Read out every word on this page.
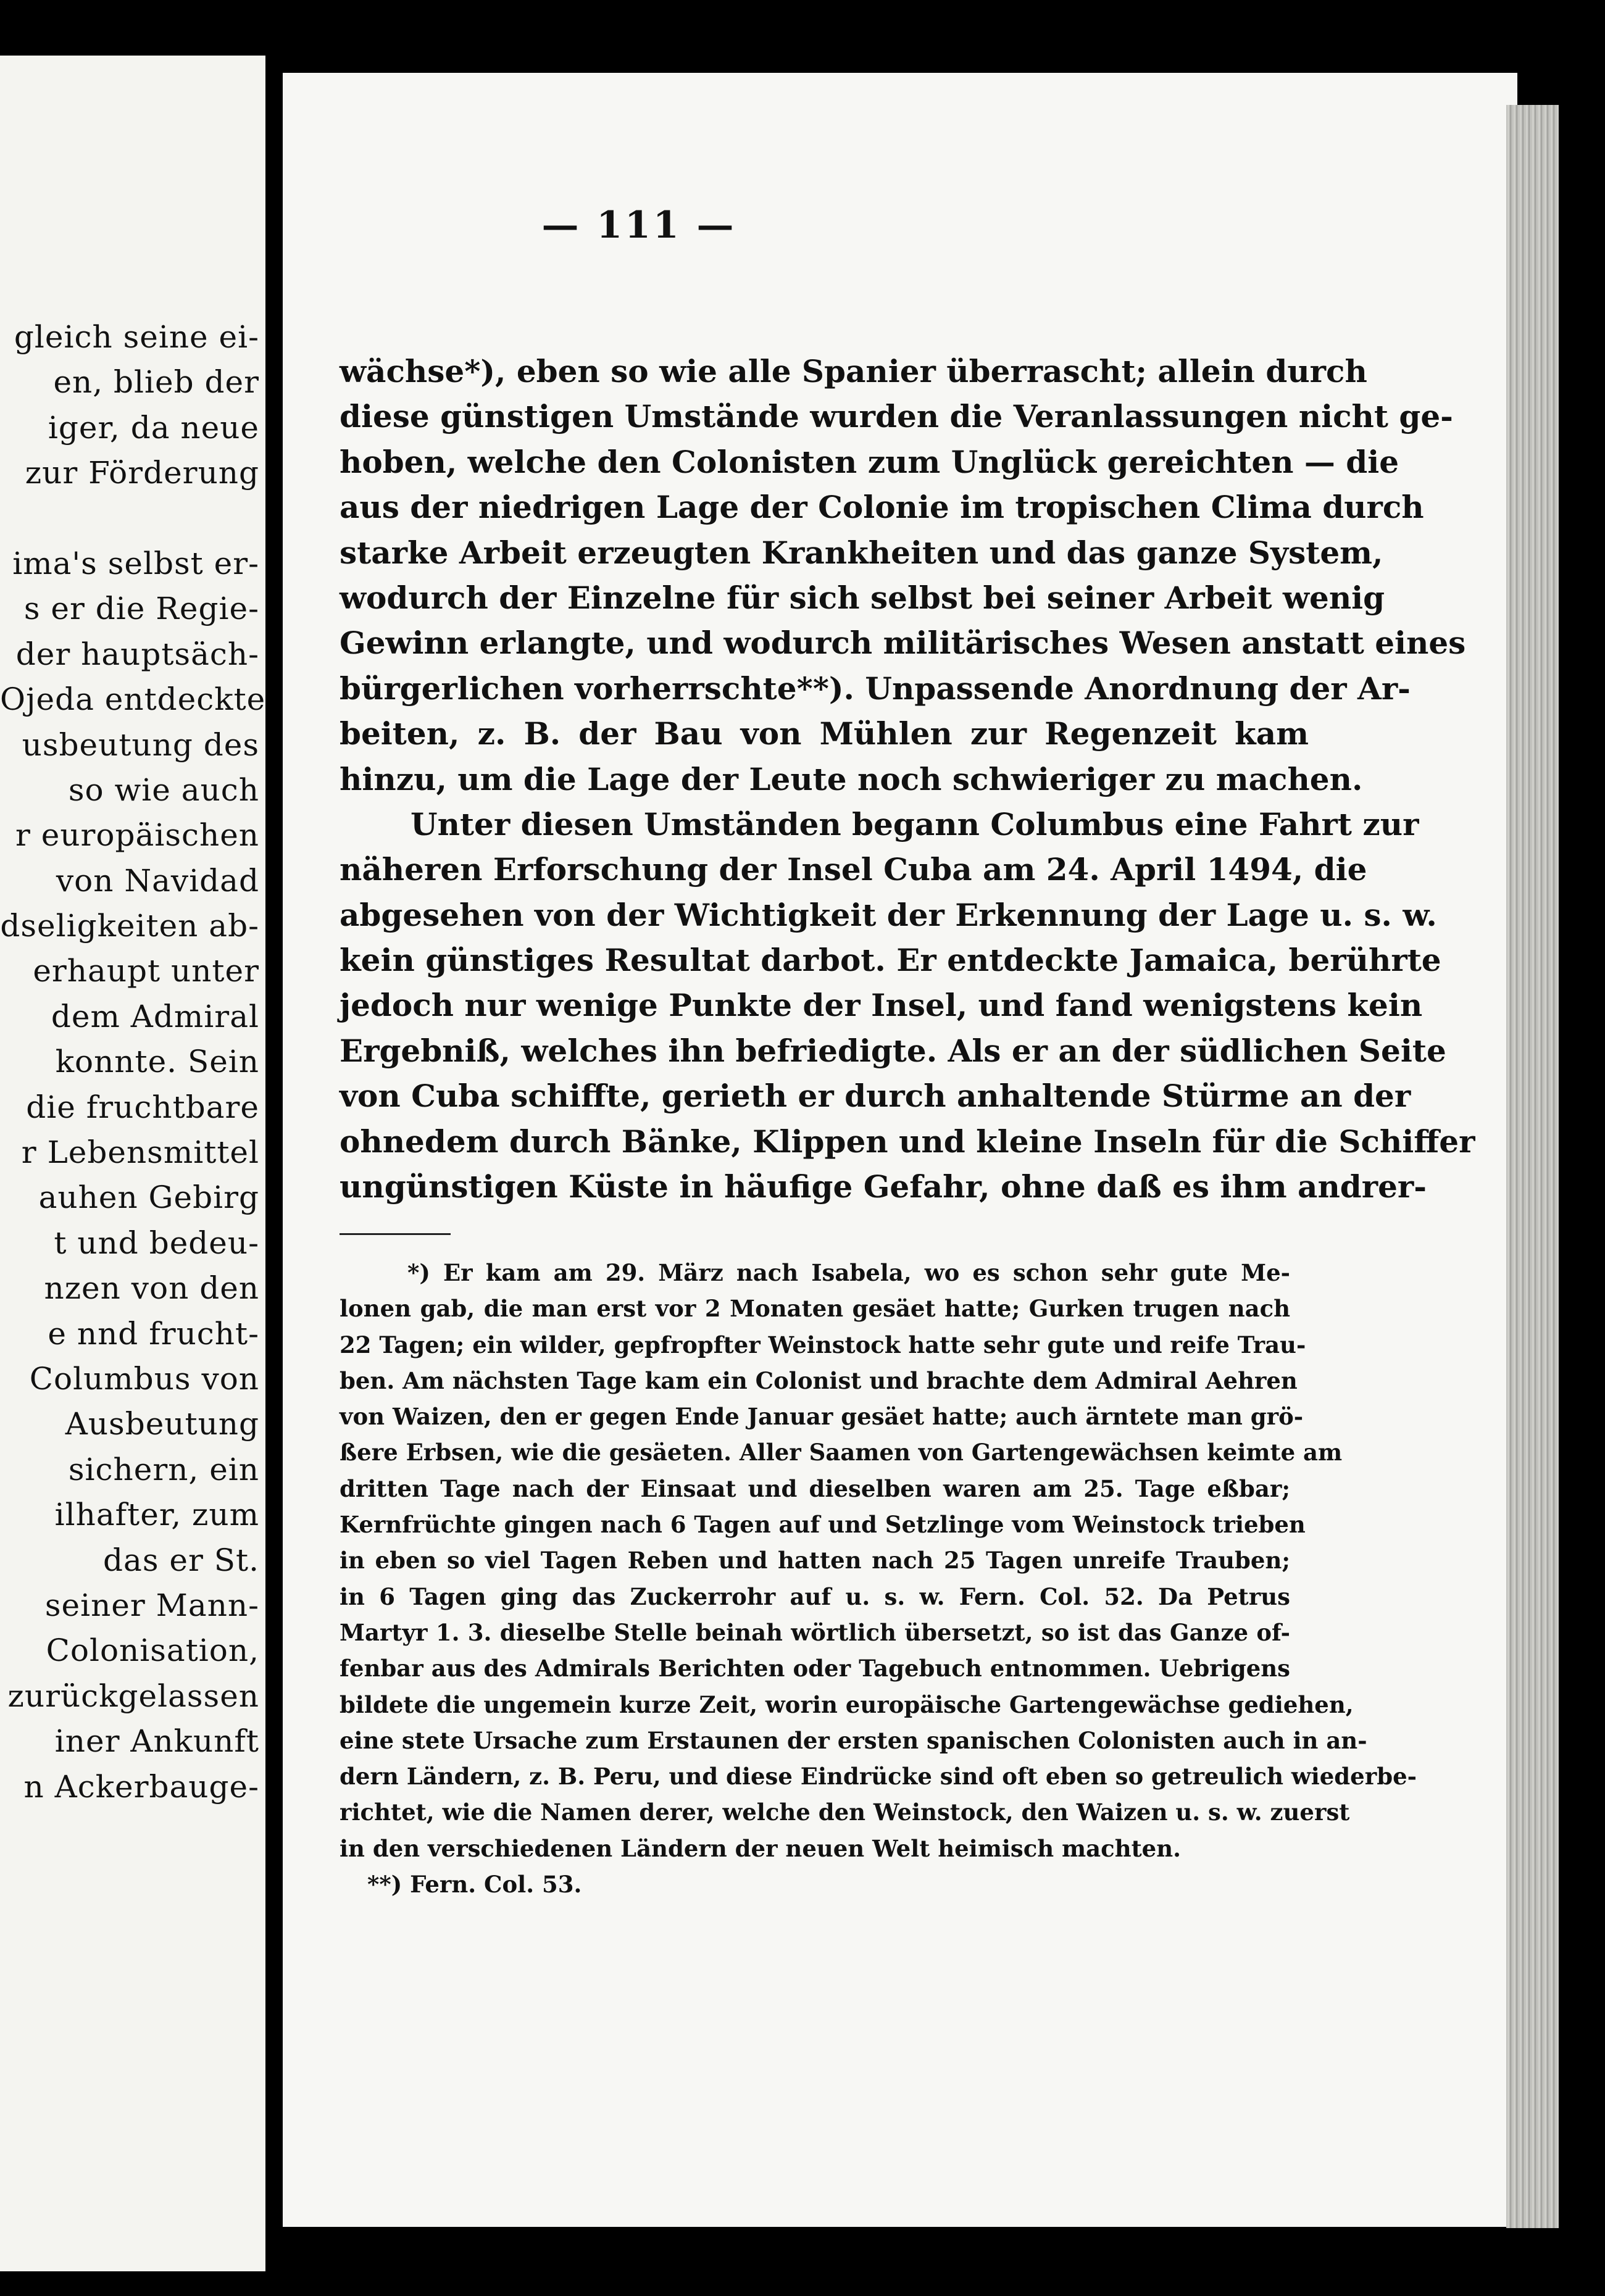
gleich seine ei-
en, blieb der
iger, da neue
zur Förderung
ima's selbst er-
s er die Regie-
der hauptsäch-
Ojeda entdeckte
usbeutung des
so wie auch
r europäischen
von Navidad
dseligkeiten ab-
erhaupt unter
dem Admiral
konnte. Sein
die fruchtbare
r Lebensmittel
auhen Gebirg
t und bedeu-
nzen von den
e nnd frucht-
Columbus von
Ausbeutung
sichern, ein
ilhafter, zum
das er St.
seiner Mann-
Colonisation,
zurückgelassen
iner Ankunft
n Ackerbauge-
— 111 —
wächse*), eben so wie alle Spanier überrascht; allein durch
diese günstigen Umstände wurden die Veranlassungen nicht ge-
hoben, welche den Colonisten zum Unglück gereichten — die
aus der niedrigen Lage der Colonie im tropischen Clima durch
starke Arbeit erzeugten Krankheiten und das ganze System,
wodurch der Einzelne für sich selbst bei seiner Arbeit wenig
Gewinn erlangte, und wodurch militärisches Wesen anstatt eines
bürgerlichen vorherrschte**). Unpassende Anordnung der Ar-
beiten, z. B. der Bau von Mühlen zur Regenzeit kam
hinzu, um die Lage der Leute noch schwieriger zu machen.
Unter diesen Umständen begann Columbus eine Fahrt zur
näheren Erforschung der Insel Cuba am 24. April 1494, die
abgesehen von der Wichtigkeit der Erkennung der Lage u. s. w.
kein günstiges Resultat darbot. Er entdeckte Jamaica, berührte
jedoch nur wenige Punkte der Insel, und fand wenigstens kein
Ergebniß, welches ihn befriedigte. Als er an der südlichen Seite
von Cuba schiffte, gerieth er durch anhaltende Stürme an der
ohnedem durch Bänke, Klippen und kleine Inseln für die Schiffer
ungünstigen Küste in häufige Gefahr, ohne daß es ihm andrer-
*) Er kam am 29. März nach Isabela, wo es schon sehr gute Me-
lonen gab, die man erst vor 2 Monaten gesäet hatte; Gurken trugen nach
22 Tagen; ein wilder, gepfropfter Weinstock hatte sehr gute und reife Trau-
ben. Am nächsten Tage kam ein Colonist und brachte dem Admiral Aehren
von Waizen, den er gegen Ende Januar gesäet hatte; auch ärntete man grö-
ßere Erbsen, wie die gesäeten. Aller Saamen von Gartengewächsen keimte am
dritten Tage nach der Einsaat und dieselben waren am 25. Tage eßbar;
Kernfrüchte gingen nach 6 Tagen auf und Setzlinge vom Weinstock trieben
in eben so viel Tagen Reben und hatten nach 25 Tagen unreife Trauben;
in 6 Tagen ging das Zuckerrohr auf u. s. w. Fern. Col. 52. Da Petrus
Martyr 1. 3. dieselbe Stelle beinah wörtlich übersetzt, so ist das Ganze of-
fenbar aus des Admirals Berichten oder Tagebuch entnommen. Uebrigens
bildete die ungemein kurze Zeit, worin europäische Gartengewächse gediehen,
eine stete Ursache zum Erstaunen der ersten spanischen Colonisten auch in an-
dern Ländern, z. B. Peru, und diese Eindrücke sind oft eben so getreulich wiederbe-
richtet, wie die Namen derer, welche den Weinstock, den Waizen u. s. w. zuerst
in den verschiedenen Ländern der neuen Welt heimisch machten.
**) Fern. Col. 53.
